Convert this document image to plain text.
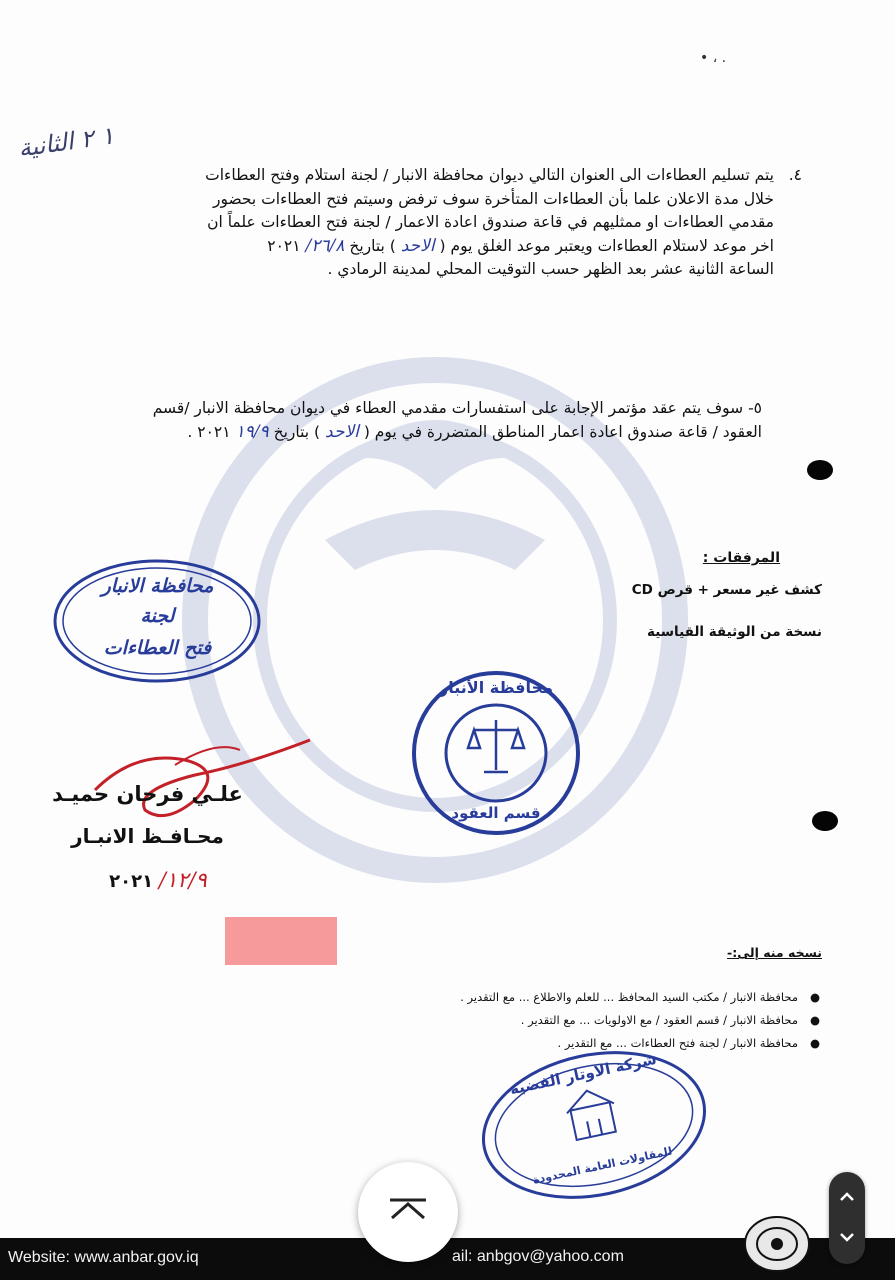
• ، .
١ ٢ الثانية

٤.
يتم تسليم العطاءات الى العنوان التالي ديوان محافظة الانبار / لجنة استلام وفتح العطاءات

خلال مدة الاعلان علما بأن العطاءات المتأخرة سوف ترفض وسيتم فتح العطاءات بحضور

مقدمي العطاءات او ممثليهم في قاعة صندوق اعادة الاعمار / لجنة فتح العطاءات علماً ان

اخر موعد لاستلام العطاءات ويعتبر موعد الغلق يوم ( الاحد ) بتاريخ ٢٦/٨/ ٢٠٢١

الساعة الثانية عشر بعد الظهر حسب التوقيت المحلي لمدينة الرمادي .

٥- سوف يتم عقد مؤتمر الإجابة على استفسارات مقدمي العطاء في ديوان محافظة الانبار /قسم

العقود / قاعة صندوق اعادة اعمار المناطق المتضررة في يوم ( الاحد ) بتاريخ ١٩/٩ ٢٠٢١ .

المرفقات :
كشف غير مسعر + قرص CD
نسخة من الوثيقة القياسية
محافظة الانبار
لجنة
فتح العطاءات
محافظة الأنبار
قسم العقود
علـي فرحان حميـد
محـافـظ الانبـار
١٢/٩/ ٢٠٢١
نسخه منه إلى:-
●
محافظة الانبار / مكتب السيد المحافظ ... للعلم والاطلاع ... مع التقدير .
●
محافظة الانبار / قسم العقود / مع الاولويات ... مع التقدير .
●
محافظة الانبار / لجنة فتح العطاءات ... مع التقدير .
شركة الاوتار الفضية
للمقاولات العامة المحدودة
Website: www.anbar.gov.iq	ail: anbgov@yahoo.com
